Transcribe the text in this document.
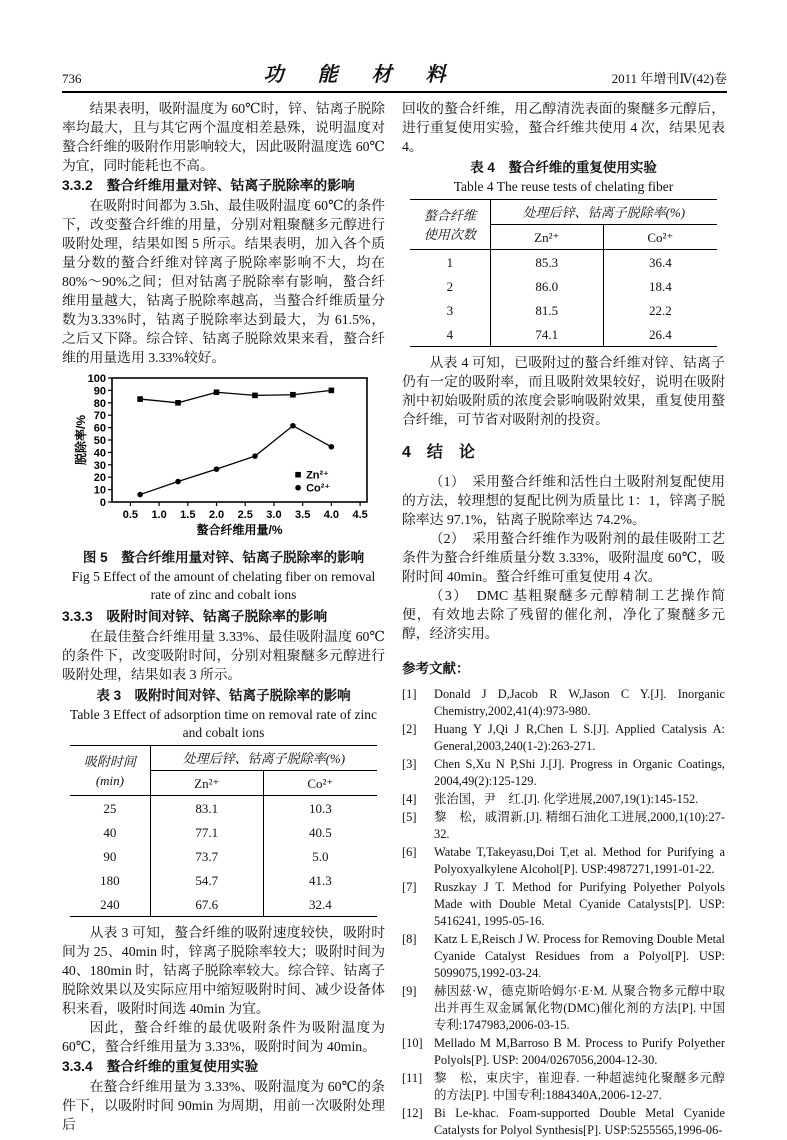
736	功能材料	2011 年增刊Ⅳ(42)卷

结果表明，吸附温度为 60℃时，锌、钴离子脱除率均最大，且与其它两个温度相差悬殊，说明温度对螯合纤维的吸附作用影响较大，因此吸附温度选 60℃为宜，同时能耗也不高。

3.3.2　螯合纤维用量对锌、钴离子脱除率的影响

在吸附时间都为 3.5h、最佳吸附温度 60℃的条件下，改变螯合纤维的用量，分别对粗聚醚多元醇进行吸附处理，结果如图 5 所示。结果表明，加入各个质量分数的螯合纤维对锌离子脱除率影响不大，均在 80%～90%之间；但对钴离子脱除率有影响，螯合纤维用量越大，钴离子脱除率越高，当螯合纤维质量分数为3.33%时，钴离子脱除率达到最大，为 61.5%，之后又下降。综合锌、钴离子脱除效果来看，螯合纤维的用量选用 3.33%较好。

0.5 1.0 1.5 2.0 2.5 3.0 3.5 4.0 4.5
0
10
20
30
40
50
60
70
80
90
100
螯合纤维用量/%
脱除率/%
Zn²⁺
Co²⁺
图 5　螯合纤维用量对锌、钴离子脱除率的影响
Fig 5 Effect of the amount of chelating fiber on removal rate of zinc and cobalt ions
3.3.3　吸附时间对锌、钴离子脱除率的影响

在最佳螯合纤维用量 3.33%、最佳吸附温度 60℃的条件下，改变吸附时间，分别对粗聚醚多元醇进行吸附处理，结果如表 3 所示。

表 3　吸附时间对锌、钴离子脱除率的影响
Table 3 Effect of adsorption time on removal rate of zinc and cobalt ions
吸附时间
(min)	处理后锌、钴离子脱除率(%)	
	Zn²⁺	Co²⁺
25	83.1	10.3
40	77.1	40.5
90	73.7	5.0
180	54.7	41.3
240	67.6	32.4

从表 3 可知，螯合纤维的吸附速度较快，吸附时间为 25、40min 时，锌离子脱除率较大；吸附时间为 40、180min 时，钴离子脱除率较大。综合锌、钴离子脱除效果以及实际应用中缩短吸附时间、减少设备体积来看，吸附时间选 40min 为宜。

因此，螯合纤维的最优吸附条件为吸附温度为 60℃，螯合纤维用量为 3.33%，吸附时间为 40min。

3.3.4　螯合纤维的重复使用实验

在螯合纤维用量为 3.33%、吸附温度为 60℃的条件下，以吸附时间 90min 为周期，用前一次吸附处理后

回收的螯合纤维，用乙醇清洗表面的聚醚多元醇后，进行重复使用实验，螯合纤维共使用 4 次，结果见表 4。

表 4　螯合纤维的重复使用实验
Table 4 The reuse tests of chelating fiber
螯合纤维
使用次数	处理后锌、钴离子脱除率(%)	
	Zn²⁺	Co²⁺
1	85.3	36.4
2	86.0	18.4
3	81.5	22.2
4	74.1	26.4

从表 4 可知，已吸附过的螯合纤维对锌、钴离子仍有一定的吸附率，而且吸附效果较好，说明在吸附剂中初始吸附质的浓度会影响吸附效果，重复使用螯合纤维，可节省对吸附剂的投资。

4　结　论

（1）　采用螯合纤维和活性白土吸附剂复配使用的方法，较理想的复配比例为质量比 1：1，锌离子脱除率达 97.1%，钴离子脱除率达 74.2%。

（2）　采用螯合纤维作为吸附剂的最佳吸附工艺条件为螯合纤维质量分数 3.33%，吸附温度 60℃，吸附时间 40min。螯合纤维可重复使用 4 次。

（3）　DMC 基粗聚醚多元醇精制工艺操作简便，有效地去除了残留的催化剂，净化了聚醚多元醇，经济实用。

参考文献：
[1]	Donald J D,Jacob R W,Jason C Y.[J]. Inorganic Chemistry,2002,41(4):973-980.
[2]	Huang Y J,Qi J R,Chen L S.[J]. Applied Catalysis A: General,2003,240(1-2):263-271.
[3]	Chen S,Xu N P,Shi J.[J]. Progress in Organic Coatings, 2004,49(2):125-129.
[4]	张治国，尹　红.[J]. 化学进展,2007,19(1):145-152.
[5]	黎　松，戚渭新.[J]. 精细石油化工进展,2000,1(10):27-32.
[6]	Watabe T,Takeyasu,Doi T,et al. Method for Purifying a Polyoxyalkylene Alcohol[P]. USP:4987271,1991-01-22.
[7]	Ruszkay J T. Method for Purifying Polyether Polyols Made with Double Metal Cyanide Catalysts[P]. USP: 5416241, 1995-05-16.
[8]	Katz L E,Reisch J W. Process for Removing Double Metal Cyanide Catalyst Residues from a Polyol[P]. USP: 5099075,1992-03-24.
[9]	赫因兹·W，德克斯哈姆尔·E·M. 从聚合物多元醇中取出并再生双金属氰化物(DMC)催化剂的方法[P]. 中国专利:1747983,2006-03-15.
[10] Mellado M M,Barroso B M. Process to Purify Polyether Polyols[P]. USP: 2004/0267056,2004-12-30.
[11] 黎　松，束庆宇，崔迎春. 一种超滤纯化聚醚多元醇的方法[P]. 中国专利:1884340A,2006-12-27.
[12] Bi Le-khac. Foam-supported Double Metal Cyanide Catalysts for Polyol Synthesis[P]. USP:5255565,1996-06-
